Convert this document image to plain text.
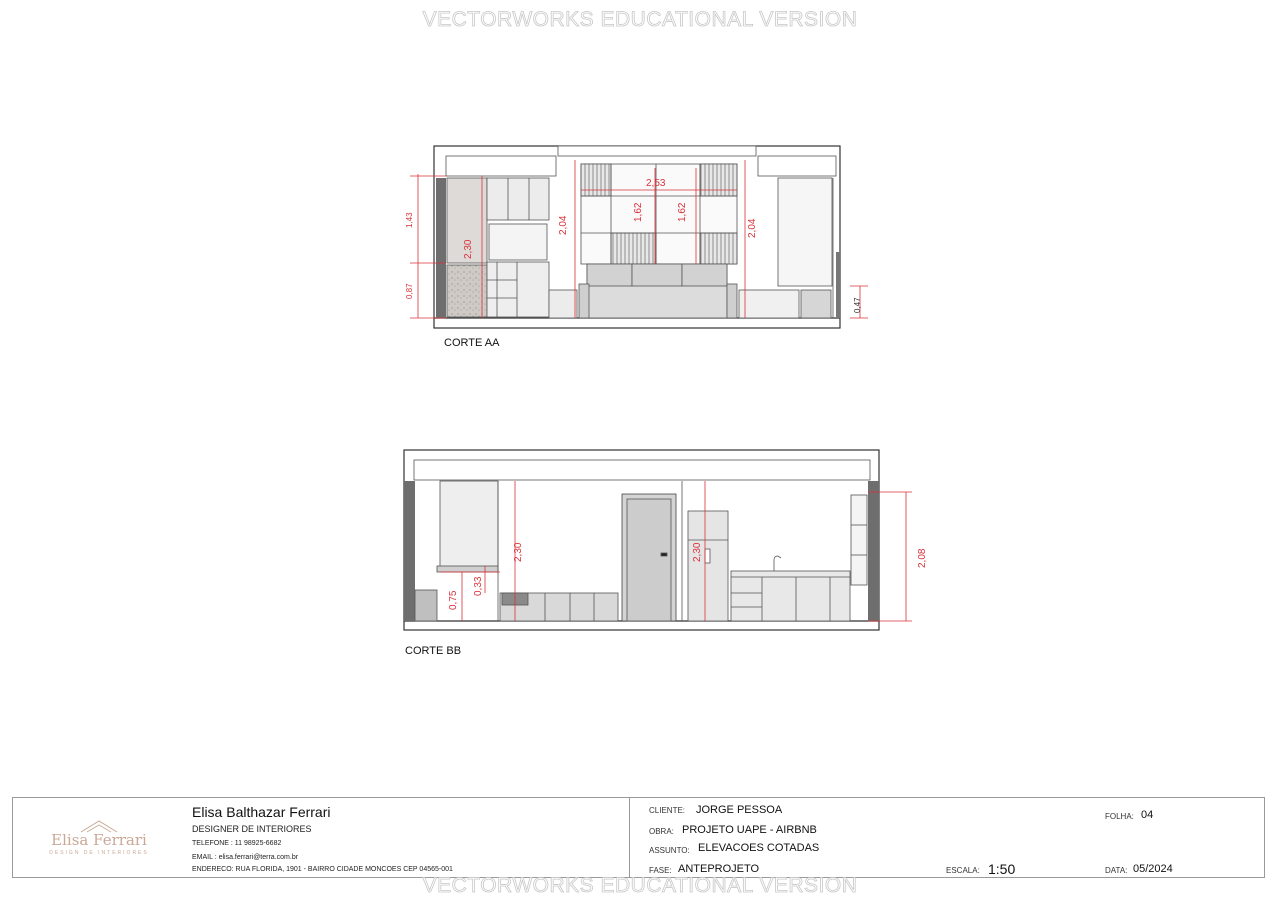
VECTORWORKS EDUCATIONAL VERSION
1,43
0,87
2,30
2,04
2,53
1,62	1,62
2,04
0,47
0,75
0,33
2,30	2,30	2,08
CORTE AA
CORTE BB
Elisa Ferrari
DESIGN DE INTERIORES
Elisa Balthazar Ferrari
DESIGNER DE INTERIORES
TELEFONE : 11 98925-6682
EMAIL : elisa.ferrari@terra.com.br
ENDERECO: RUA FLORIDA, 1901 - BAIRRO CIDADE MONCOES CEP 04565-001
CLIENTE: JORGE PESSOA
OBRA: PROJETO UAPE - AIRBNB
ASSUNTO: ELEVACOES COTADAS
FASE: ANTEPROJETO	ESCALA: 1:50
FOLHA: 04
DATA: 05/2024
VECTORWORKS EDUCATIONAL VERSION
